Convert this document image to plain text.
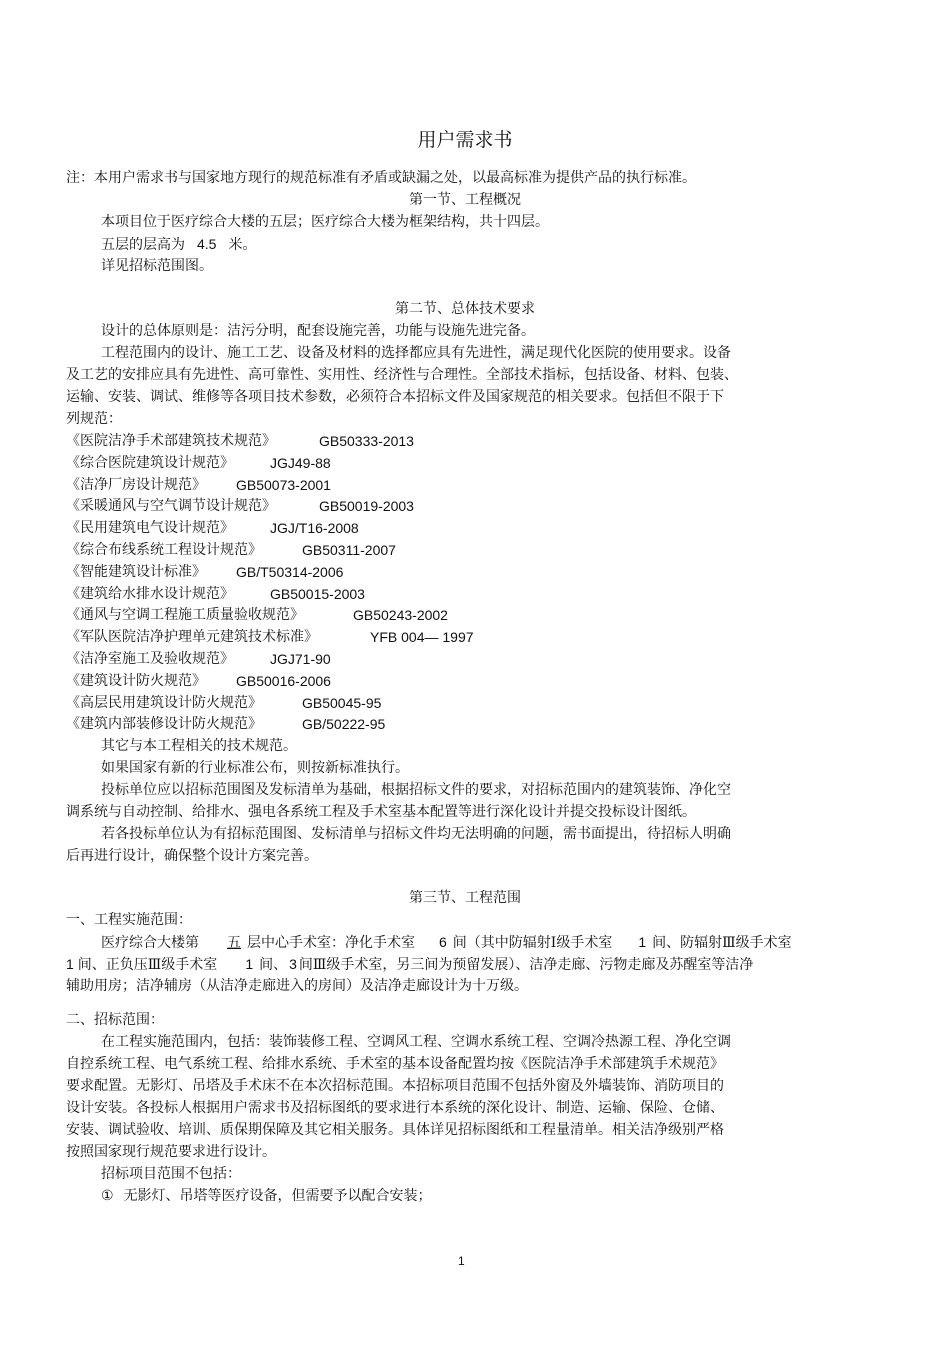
用户需求书
注：本用户需求书与国家地方现行的规范标准有矛盾或缺漏之处，以最高标准为提供产品的执行标准。
第一节、工程概况
本项目位于医疗综合大楼的五层；医疗综合大楼为框架结构，共十四层。
五层的层高为 4.5 米。
详见招标范围图。
第二节、总体技术要求
设计的总体原则是：洁污分明，配套设施完善，功能与设施先进完备。
工程范围内的设计、施工工艺、设备及材料的选择都应具有先进性，满足现代化医院的使用要求。设备
及工艺的安排应具有先进性、高可靠性、实用性、经济性与合理性。全部技术指标，包括设备、材料、包装、
运输、安装、调试、维修等各项目技术参数，必须符合本招标文件及国家规范的相关要求。包括但不限于下
列规范：
《医院洁净手术部建筑技术规范》	GB50333-2013
《综合医院建筑设计规范》	JGJ49-88
《洁净厂房设计规范》 GB50073-2001
《采暖通风与空气调节设计规范》	GB50019-2003
《民用建筑电气设计规范》	JGJ/T16-2008
《综合布线系统工程设计规范》	GB50311-2007
《智能建筑设计标准》 GB/T50314-2006
《建筑给水排水设计规范》	GB50015-2003
《通风与空调工程施工质量验收规范》	GB50243-2002
《军队医院洁净护理单元建筑技术标准》	YFB 004— 1997
《洁净室施工及验收规范》	JGJ71-90
《建筑设计防火规范》 GB50016-2006
《高层民用建筑设计防火规范》	GB50045-95
《建筑内部装修设计防火规范》	GB/50222-95
其它与本工程相关的技术规范。
如果国家有新的行业标准公布，则按新标准执行。
投标单位应以招标范围图及发标清单为基础，根据招标文件的要求，对招标范围内的建筑装饰、净化空
调系统与自动控制、给排水、强电各系统工程及手术室基本配置等进行深化设计并提交投标设计图纸。
若各投标单位认为有招标范围图、发标清单与招标文件均无法明确的问题，需书面提出，待招标人明确
后再进行设计，确保整个设计方案完善。
第三节、工程范围
一、工程实施范围：
医疗综合大楼第 五 层中心手术室：净化手术室 6 间（其中防辐射Ⅰ级手术室 1 间、防辐射Ⅲ级手术室
1 间、正负压Ⅲ级手术室 1 间、 3 间Ⅲ级手术室，另三间为预留发展）、洁净走廊、污物走廊及苏醒室等洁净
辅助用房；洁净辅房（从洁净走廊进入的房间）及洁净走廊设计为十万级。
二、招标范围：
在工程实施范围内，包括：装饰装修工程、空调风工程、空调水系统工程、空调冷热源工程、净化空调
自控系统工程、电气系统工程、给排水系统、手术室的基本设备配置均按《医院洁净手术部建筑手术规范》
要求配置。无影灯、吊塔及手术床不在本次招标范围。本招标项目范围不包括外窗及外墙装饰、消防项目的
设计安装。各投标人根据用户需求书及招标图纸的要求进行本系统的深化设计、制造、运输、保险、仓储、
安装、调试验收、培训、质保期保障及其它相关服务。具体详见招标图纸和工程量清单。相关洁净级别严格
按照国家现行规范要求进行设计。
招标项目范围不包括：
① 无影灯、吊塔等医疗设备，但需要予以配合安装；
1
